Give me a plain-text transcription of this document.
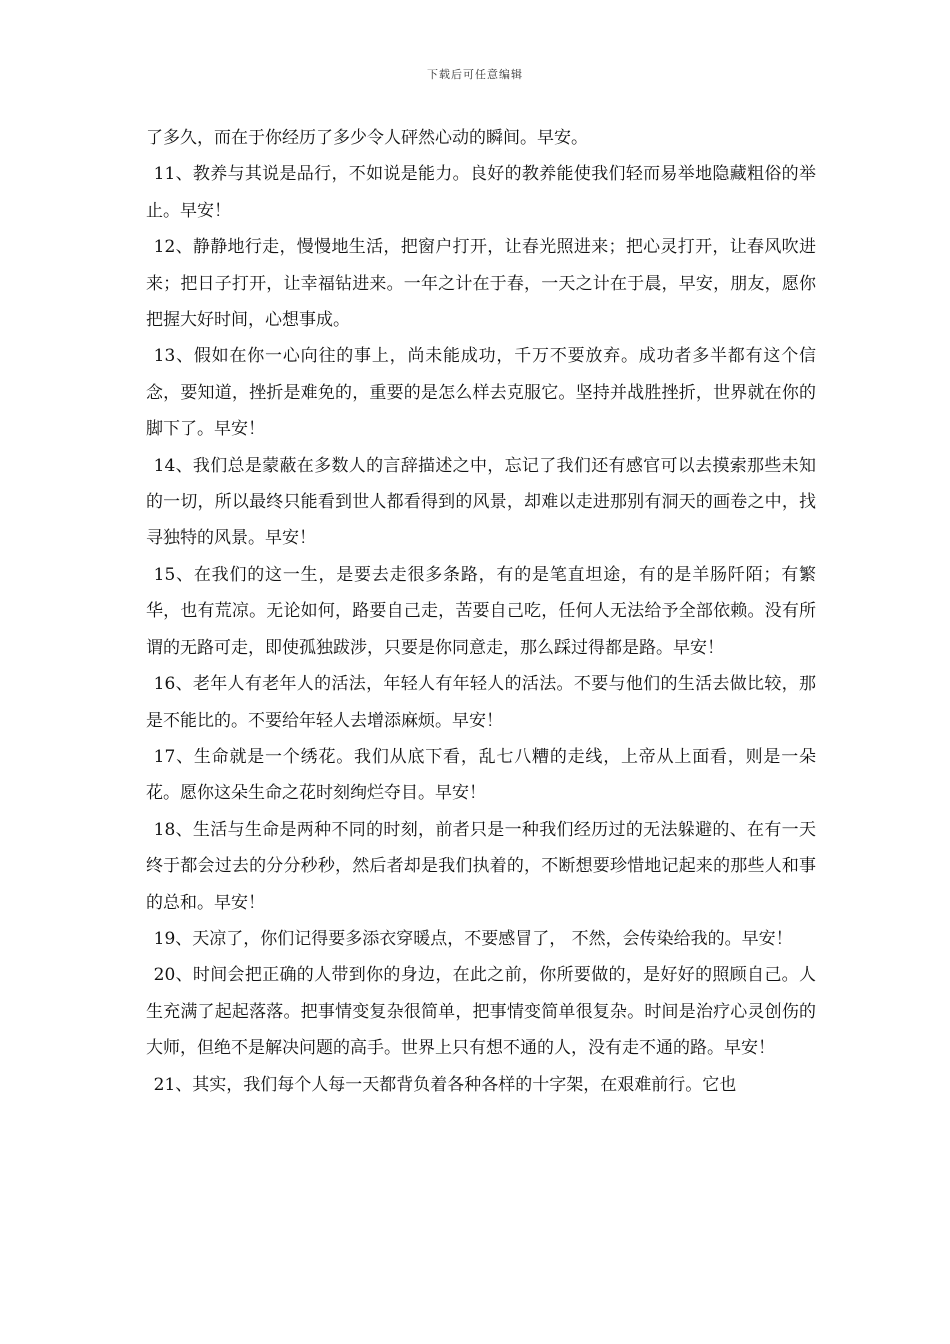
下载后可任意编辑

了多久，而在于你经历了多少令人砰然心动的瞬间。早安。

11、教养与其说是品行，不如说是能力。良好的教养能使我们轻而易举地隐藏粗俗的举止。早安！

12、静静地行走，慢慢地生活，把窗户打开，让春光照进来；把心灵打开，让春风吹进来；把日子打开，让幸福钻进来。一年之计在于春，一天之计在于晨，早安，朋友，愿你把握大好时间，心想事成。

13、假如在你一心向往的事上，尚未能成功，千万不要放弃。成功者多半都有这个信念，要知道，挫折是难免的，重要的是怎么样去克服它。坚持并战胜挫折，世界就在你的脚下了。早安！

14、我们总是蒙蔽在多数人的言辞描述之中，忘记了我们还有感官可以去摸索那些未知的一切，所以最终只能看到世人都看得到的风景，却难以走进那别有洞天的画卷之中，找寻独特的风景。早安！

15、在我们的这一生，是要去走很多条路，有的是笔直坦途，有的是羊肠阡陌；有繁华，也有荒凉。无论如何，路要自己走，苦要自己吃，任何人无法给予全部依赖。没有所谓的无路可走，即使孤独跋涉，只要是你同意走，那么踩过得都是路。早安！

16、老年人有老年人的活法，年轻人有年轻人的活法。不要与他们的生活去做比较，那是不能比的。不要给年轻人去增添麻烦。早安！

17、生命就是一个绣花。我们从底下看，乱七八糟的走线，上帝从上面看，则是一朵花。愿你这朵生命之花时刻绚烂夺目。早安！

18、生活与生命是两种不同的时刻，前者只是一种我们经历过的无法躲避的、在有一天终于都会过去的分分秒秒，然后者却是我们执着的，不断想要珍惜地记起来的那些人和事的总和。早安！

19、天凉了，你们记得要多添衣穿暖点，不要感冒了， 不然，会传染给我的。早安！

20、时间会把正确的人带到你的身边，在此之前，你所要做的，是好好的照顾自己。人生充满了起起落落。把事情变复杂很简单，把事情变简单很复杂。时间是治疗心灵创伤的大师，但绝不是解决问题的高手。世界上只有想不通的人，没有走不通的路。早安！

21、其实，我们每个人每一天都背负着各种各样的十字架，在艰难前行。它也
